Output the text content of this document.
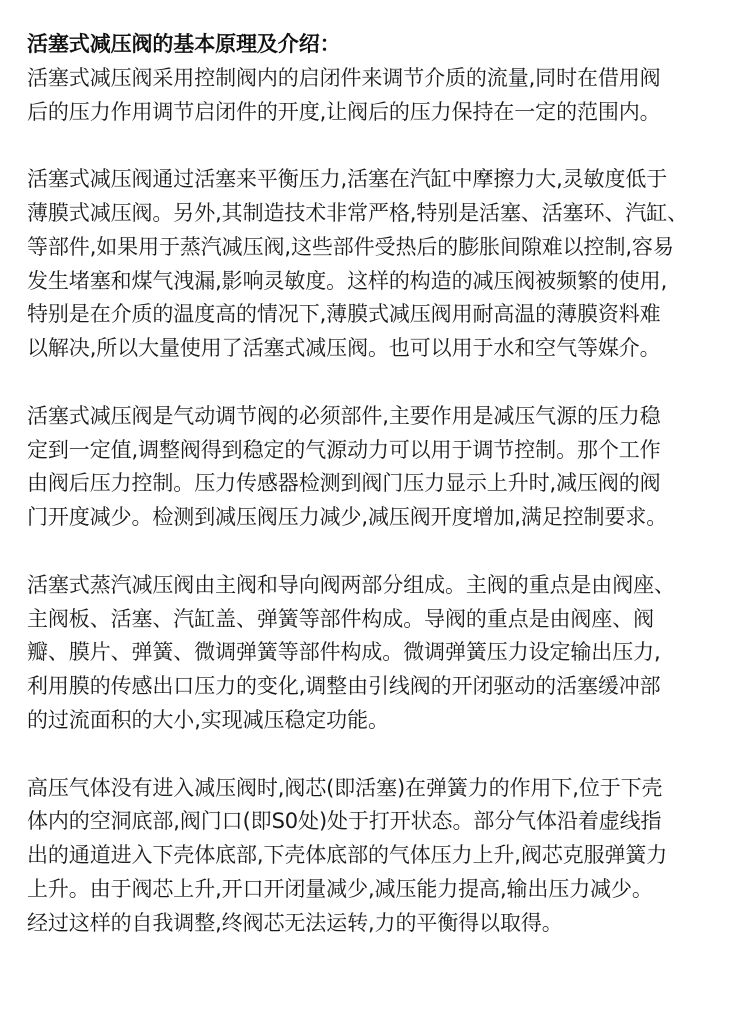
活塞式减压阀的基本原理及介绍：

活塞式减压阀采用控制阀内的启闭件来调节介质的流量,同时在借用阀
后的压力作用调节启闭件的开度,让阀后的压力保持在一定的范围内。

活塞式减压阀通过活塞来平衡压力,活塞在汽缸中摩擦力大,灵敏度低于
薄膜式减压阀。另外,其制造技术非常严格,特别是活塞、活塞环、汽缸、
等部件,如果用于蒸汽减压阀,这些部件受热后的膨胀间隙难以控制,容易
发生堵塞和煤气洩漏,影响灵敏度。这样的构造的减压阀被频繁的使用,
特别是在介质的温度高的情况下,薄膜式减压阀用耐高温的薄膜资料难
以解决,所以大量使用了活塞式减压阀。也可以用于水和空气等媒介。

活塞式减压阀是气动调节阀的必须部件,主要作用是减压气源的压力稳
定到一定值,调整阀得到稳定的气源动力可以用于调节控制。那个工作
由阀后压力控制。压力传感器检测到阀门压力显示上升时,减压阀的阀
门开度减少。检测到减压阀压力减少,减压阀开度增加,满足控制要求。

活塞式蒸汽减压阀由主阀和导向阀两部分组成。主阀的重点是由阀座、
主阀板、活塞、汽缸盖、弹簧等部件构成。导阀的重点是由阀座、阀
瓣、膜片、弹簧、微调弹簧等部件构成。微调弹簧压力设定输出压力,
利用膜的传感出口压力的变化,调整由引线阀的开闭驱动的活塞缓冲部
的过流面积的大小,实现减压稳定功能。

高压气体没有进入减压阀时,阀芯(即活塞)在弹簧力的作用下,位于下壳
体内的空洞底部,阀门口(即S0处)处于打开状态。部分气体沿着虚线指
出的通道进入下壳体底部,下壳体底部的气体压力上升,阀芯克服弹簧力
上升。由于阀芯上升,开口开闭量减少,减压能力提高,输出压力减少。
经过这样的自我调整,终阀芯无法运转,力的平衡得以取得。
